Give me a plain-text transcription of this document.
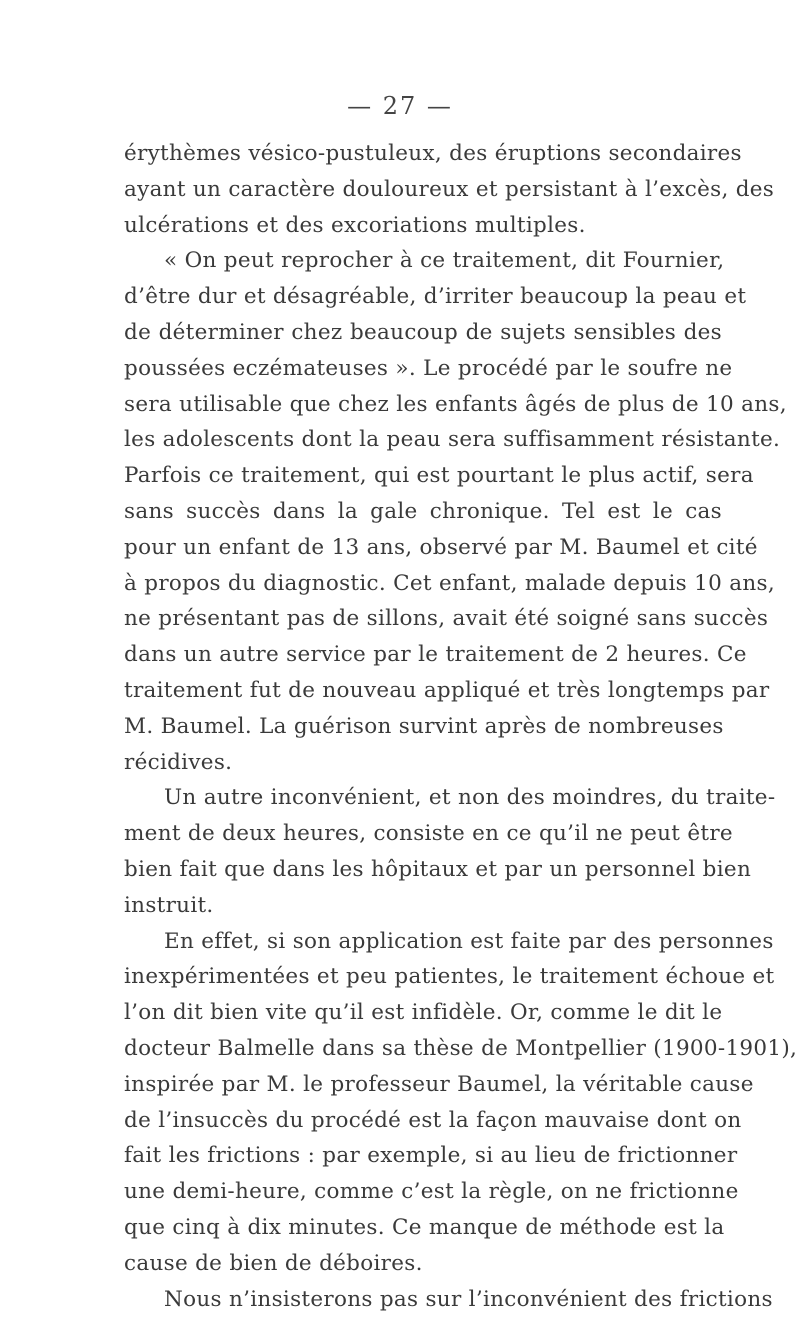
— 27 —
érythèmes vésico-pustuleux, des éruptions secondaires
ayant un caractère douloureux et persistant à l’excès, des
ulcérations et des excoriations multiples.
« On peut reprocher à ce traitement, dit Fournier,
d’être dur et désagréable, d’irriter beaucoup la peau et
de déterminer chez beaucoup de sujets sensibles des
poussées eczémateuses ». Le procédé par le soufre ne
sera utilisable que chez les enfants âgés de plus de 10 ans,
les adolescents dont la peau sera suffisamment résistante.
Parfois ce traitement, qui est pourtant le plus actif, sera
sans succès dans la gale chronique. Tel est le cas
pour un enfant de 13 ans, observé par M. Baumel et cité
à propos du diagnostic. Cet enfant, malade depuis 10 ans,
ne présentant pas de sillons, avait été soigné sans succès
dans un autre service par le traitement de 2 heures. Ce
traitement fut de nouveau appliqué et très longtemps par
M. Baumel. La guérison survint après de nombreuses
récidives.
Un autre inconvénient, et non des moindres, du traite-
ment de deux heures, consiste en ce qu’il ne peut être
bien fait que dans les hôpitaux et par un personnel bien
instruit.
En effet, si son application est faite par des personnes
inexpérimentées et peu patientes, le traitement échoue et
l’on dit bien vite qu’il est infidèle. Or, comme le dit le
docteur Balmelle dans sa thèse de Montpellier (1900-1901),
inspirée par M. le professeur Baumel, la véritable cause
de l’insuccès du procédé est la façon mauvaise dont on
fait les frictions : par exemple, si au lieu de frictionner
une demi-heure, comme c’est la règle, on ne frictionne
que cinq à dix minutes. Ce manque de méthode est la
cause de bien de déboires.
Nous n’insisterons pas sur l’inconvénient des frictions
